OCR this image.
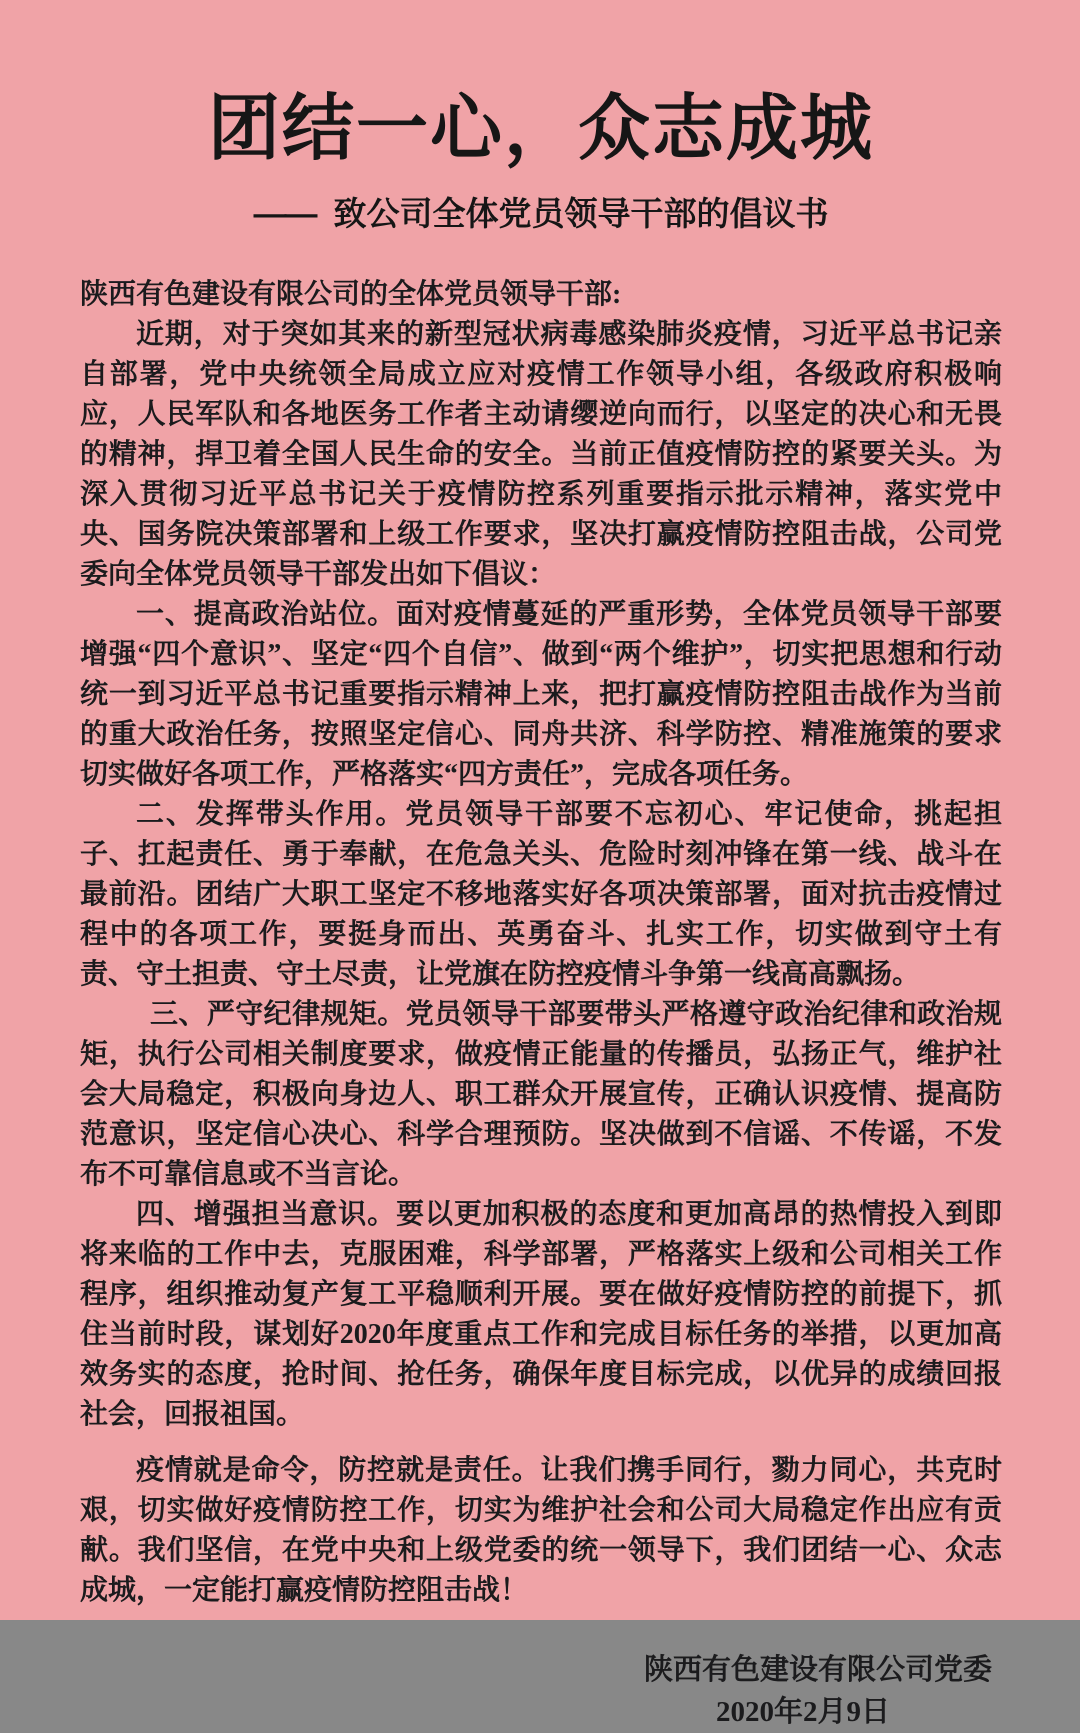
团结一心，众志成城
—— 致公司全体党员领导干部的倡议书

陕西有色建设有限公司的全体党员领导干部:

近期，对于突如其来的新型冠状病毒感染肺炎疫情，习近平总书记亲自部署，党中央统领全局成立应对疫情工作领导小组，各级政府积极响应，人民军队和各地医务工作者主动请缨逆向而行，以坚定的决心和无畏的精神，捍卫着全国人民生命的安全。当前正值疫情防控的紧要关头。为深入贯彻习近平总书记关于疫情防控系列重要指示批示精神，落实党中央、国务院决策部署和上级工作要求，坚决打赢疫情防控阻击战，公司党委向全体党员领导干部发出如下倡议：

一、提高政治站位。面对疫情蔓延的严重形势，全体党员领导干部要增强“四个意识”、坚定“四个自信”、做到“两个维护”，切实把思想和行动统一到习近平总书记重要指示精神上来，把打赢疫情防控阻击战作为当前的重大政治任务，按照坚定信心、同舟共济、科学防控、精准施策的要求切实做好各项工作，严格落实“四方责任”，完成各项任务。

二、发挥带头作用。党员领导干部要不忘初心、牢记使命，挑起担子、扛起责任、勇于奉献，在危急关头、危险时刻冲锋在第一线、战斗在最前沿。团结广大职工坚定不移地落实好各项决策部署，面对抗击疫情过程中的各项工作，要挺身而出、英勇奋斗、扎实工作，切实做到守土有责、守土担责、守土尽责，让党旗在防控疫情斗争第一线高高飘扬。

三、严守纪律规矩。党员领导干部要带头严格遵守政治纪律和政治规矩，执行公司相关制度要求，做疫情正能量的传播员，弘扬正气，维护社会大局稳定，积极向身边人、职工群众开展宣传，正确认识疫情、提高防范意识，坚定信心决心、科学合理预防。坚决做到不信谣、不传谣，不发布不可靠信息或不当言论。

四、增强担当意识。要以更加积极的态度和更加高昂的热情投入到即将来临的工作中去，克服困难，科学部署，严格落实上级和公司相关工作程序，组织推动复产复工平稳顺利开展。要在做好疫情防控的前提下，抓住当前时段，谋划好2020年度重点工作和完成目标任务的举措，以更加高效务实的态度，抢时间、抢任务，确保年度目标完成，以优异的成绩回报社会，回报祖国。

疫情就是命令，防控就是责任。让我们携手同行，勠力同心，共克时艰，切实做好疫情防控工作，切实为维护社会和公司大局稳定作出应有贡献。我们坚信，在党中央和上级党委的统一领导下，我们团结一心、众志成城，一定能打赢疫情防控阻击战！

陕西有色建设有限公司党委
2020年2月9日
